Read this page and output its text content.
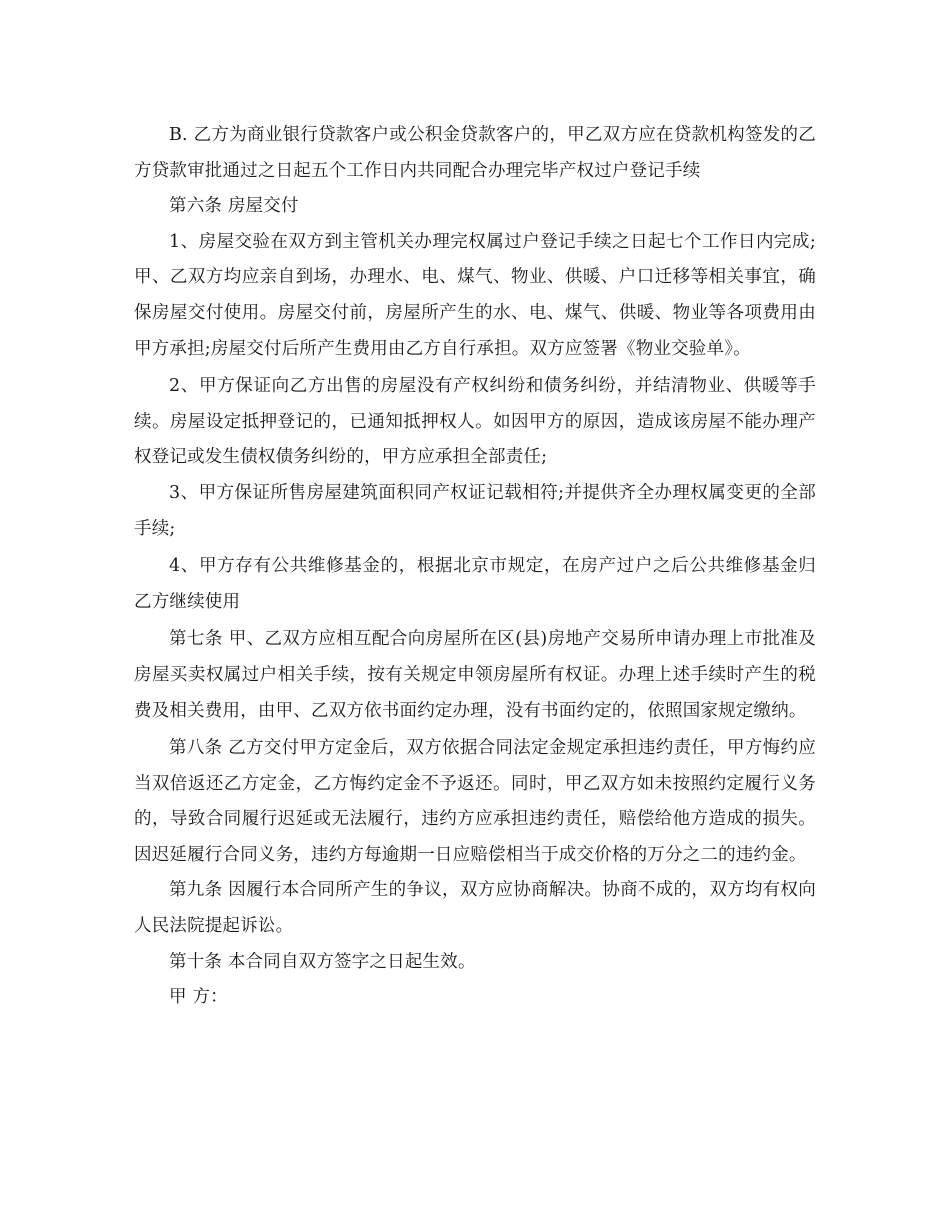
B. 乙方为商业银行贷款客户或公积金贷款客户的，甲乙双方应在贷款机构签发的乙方贷款审批通过之日起五个工作日内共同配合办理完毕产权过户登记手续

第六条 房屋交付

1、房屋交验在双方到主管机关办理完权属过户登记手续之日起七个工作日内完成;甲、乙双方均应亲自到场，办理水、电、煤气、物业、供暖、户口迁移等相关事宜，确保房屋交付使用。房屋交付前，房屋所产生的水、电、煤气、供暖、物业等各项费用由甲方承担;房屋交付后所产生费用由乙方自行承担。双方应签署《物业交验单》。

2、甲方保证向乙方出售的房屋没有产权纠纷和债务纠纷，并结清物业、供暖等手续。房屋设定抵押登记的，已通知抵押权人。如因甲方的原因，造成该房屋不能办理产权登记或发生债权债务纠纷的，甲方应承担全部责任;

3、甲方保证所售房屋建筑面积同产权证记载相符;并提供齐全办理权属变更的全部手续;

4、甲方存有公共维修基金的，根据北京市规定，在房产过户之后公共维修基金归乙方继续使用

第七条 甲、乙双方应相互配合向房屋所在区(县)房地产交易所申请办理上市批准及房屋买卖权属过户相关手续，按有关规定申领房屋所有权证。办理上述手续时产生的税费及相关费用，由甲、乙双方依书面约定办理，没有书面约定的，依照国家规定缴纳。

第八条 乙方交付甲方定金后，双方依据合同法定金规定承担违约责任，甲方悔约应当双倍返还乙方定金，乙方悔约定金不予返还。同时，甲乙双方如未按照约定履行义务的，导致合同履行迟延或无法履行，违约方应承担违约责任，赔偿给他方造成的损失。因迟延履行合同义务，违约方每逾期一日应赔偿相当于成交价格的万分之二的违约金。

第九条 因履行本合同所产生的争议，双方应协商解决。协商不成的，双方均有权向人民法院提起诉讼。

第十条 本合同自双方签字之日起生效。

甲 方：
